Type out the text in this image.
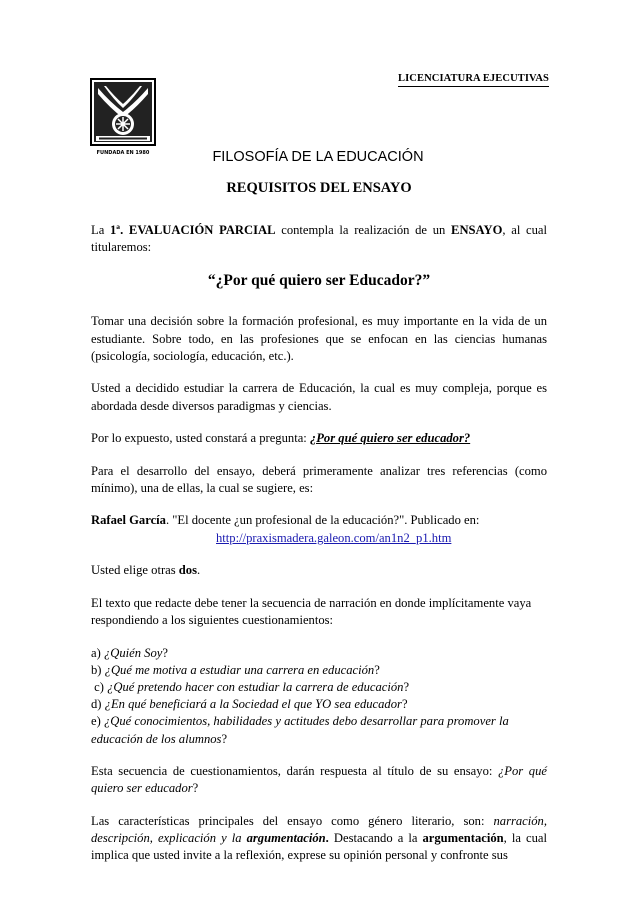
LICENCIATURA EJECUTIVAS
FUNDADA EN 1980	FILOSOFÍA DE LA EDUCACIÓN
REQUISITOS DEL ENSAYO

La 1ª. EVALUACIÓN PARCIAL contempla la realización de un ENSAYO, al cual titularemos:

“¿Por qué quiero ser Educador?”

Tomar una decisión sobre la formación profesional, es muy importante en la vida de un estudiante. Sobre todo, en las profesiones que se enfocan en las ciencias humanas (psicología, sociología, educación, etc.).

Usted a decidido estudiar la carrera de Educación, la cual es muy compleja, porque es abordada desde diversos paradigmas y ciencias.

Por lo expuesto, usted constará a pregunta: ¿Por qué quiero ser educador?

Para el desarrollo del ensayo, deberá primeramente analizar tres referencias (como mínimo), una de ellas, la cual se sugiere, es:

Rafael García. "El docente ¿un profesional de la educación?". Publicado en:
http://praxismadera.galeon.com/an1n2_p1.htm

Usted elige otras dos.

El texto que redacte debe tener la secuencia de narración en donde implícitamente vaya respondiendo a los siguientes cuestionamientos:

a) ¿Quién Soy?
b) ¿Qué me motiva a estudiar una carrera en educación?
c) ¿Qué pretendo hacer con estudiar la carrera de educación?
d) ¿En qué beneficiará a la Sociedad el que YO sea educador?
e) ¿Qué conocimientos, habilidades y actitudes debo desarrollar para promover la educación de los alumnos?

Esta secuencia de cuestionamientos, darán respuesta al título de su ensayo: ¿Por qué quiero ser educador?

Las características principales del ensayo como género literario, son: narración, descripción, explicación y la argumentación. Destacando a la argumentación, la cual implica que usted invite a la reflexión, exprese su opinión personal y confronte sus
